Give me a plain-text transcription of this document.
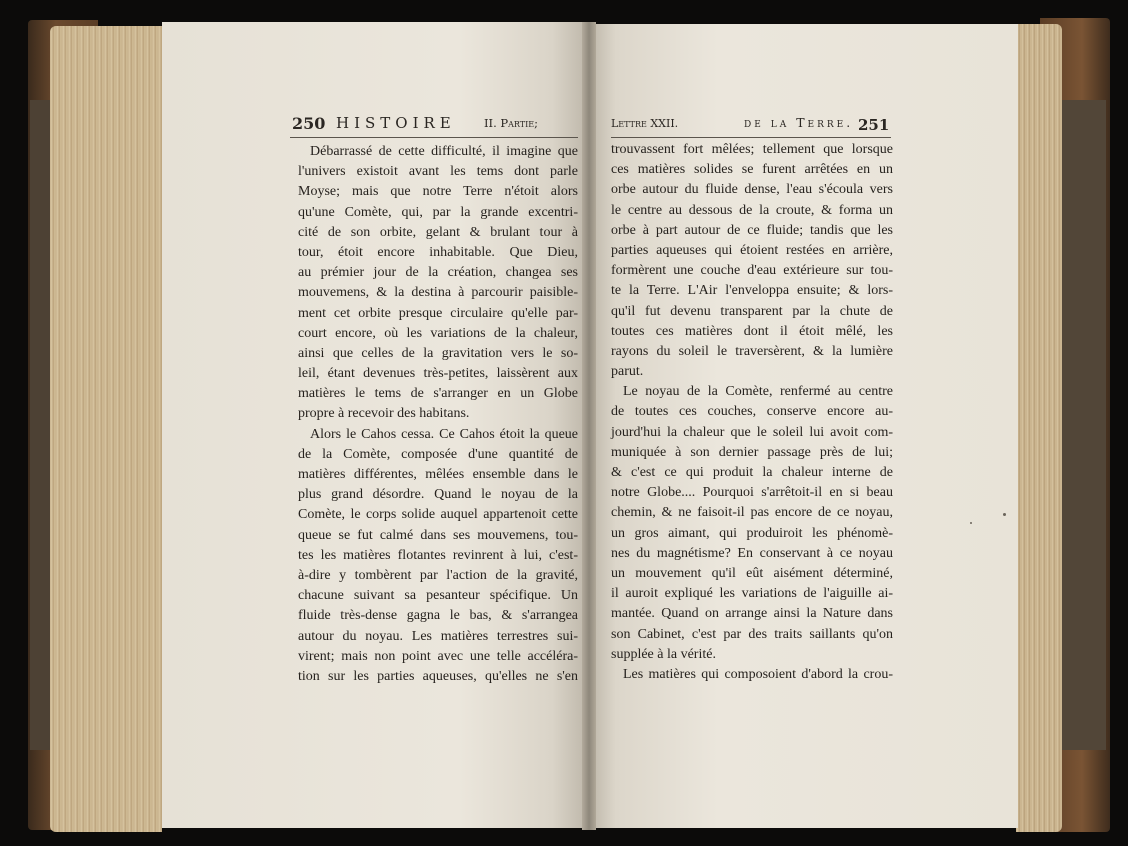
250 HISTOIRE II. Partie;	Lettre XXII.	de la Terre. 251
Débarrassé de cette difficulté, il imagine que
l'univers existoit avant les tems dont parle
Moyse; mais que notre Terre n'étoit alors
qu'une Comète, qui, par la grande excentri-
cité de son orbite, gelant & brulant tour à
tour, étoit encore inhabitable. Que Dieu,
au prémier jour de la création, changea ses
mouvemens, & la destina à parcourir paisible-
ment cet orbite presque circulaire qu'elle par-
court encore, où les variations de la chaleur,
ainsi que celles de la gravitation vers le so-
leil, étant devenues très-petites, laissèrent aux
matières le tems de s'arranger en un Globe
propre à recevoir des habitans.
Alors le Cahos cessa. Ce Cahos étoit la queue
de la Comète, composée d'une quantité de
matières différentes, mêlées ensemble dans le
plus grand désordre. Quand le noyau de la
Comète, le corps solide auquel appartenoit cette
queue se fut calmé dans ses mouvemens, tou-
tes les matières flotantes revinrent à lui, c'est-
à-dire y tombèrent par l'action de la gravité,
chacune suivant sa pesanteur spécifique. Un
fluide très-dense gagna le bas, & s'arrangea
autour du noyau. Les matières terrestres sui-
virent; mais non point avec une telle accéléra-
tion sur les parties aqueuses, qu'elles ne s'en
trouvassent fort mêlées; tellement que lorsque
ces matières solides se furent arrêtées en un
orbe autour du fluide dense, l'eau s'écoula vers
le centre au dessous de la croute, & forma un
orbe à part autour de ce fluide; tandis que les
parties aqueuses qui étoient restées en arrière,
formèrent une couche d'eau extérieure sur tou-
te la Terre. L'Air l'enveloppa ensuite; & lors-
qu'il fut devenu transparent par la chute de
toutes ces matières dont il étoit mêlé, les
rayons du soleil le traversèrent, & la lumière
parut.
Le noyau de la Comète, renfermé au centre
de toutes ces couches, conserve encore au-
jourd'hui la chaleur que le soleil lui avoit com-
muniquée à son dernier passage près de lui;
& c'est ce qui produit la chaleur interne de
notre Globe.... Pourquoi s'arrêtoit-il en si beau
chemin, & ne faisoit-il pas encore de ce noyau,
un gros aimant, qui produiroit les phénomè-
nes du magnétisme? En conservant à ce noyau
un mouvement qu'il eût aisément déterminé,
il auroit expliqué les variations de l'aiguille ai-
mantée. Quand on arrange ainsi la Nature dans
son Cabinet, c'est par des traits saillants qu'on
supplée à la vérité.
Les matières qui composoient d'abord la crou-
